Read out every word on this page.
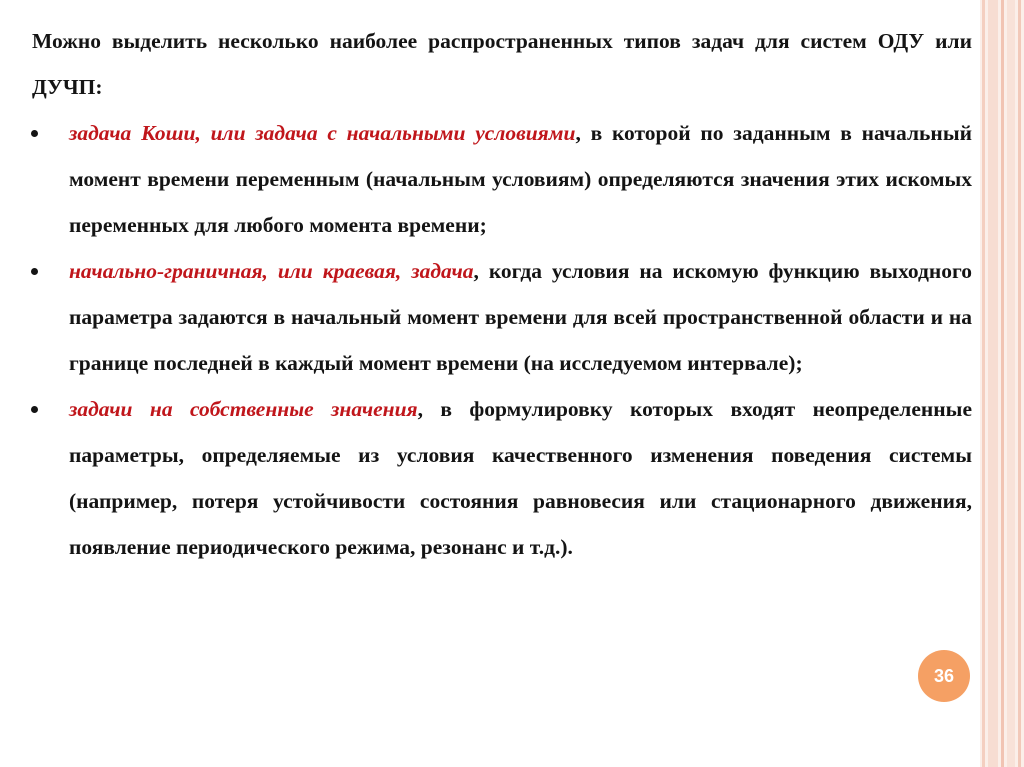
Можно выделить несколько наиболее распространенных типов задач для систем ОДУ или ДУЧП:

задача Коши, или задача с начальными условиями, в которой по заданным в начальный момент времени переменным (начальным условиям) определяются значения этих искомых переменных для любого момента времени;
начально-граничная, или краевая, задача, когда условия на искомую функцию выходного параметра задаются в начальный момент времени для всей пространственной области и на границе последней в каждый момент времени (на исследуемом интервале);
задачи на собственные значения, в формулировку которых входят неопределенные параметры, определяемые из условия качественного изменения поведения системы (например, потеря устойчивости состояния равновесия или стационарного движения, появление периодического режима, резонанс и т.д.).
36
